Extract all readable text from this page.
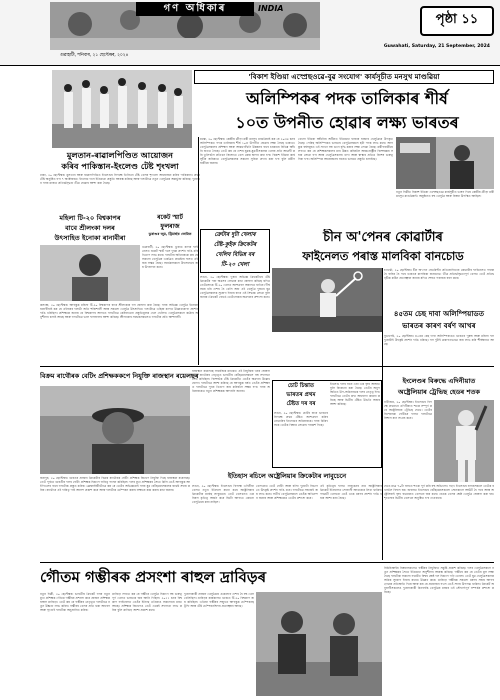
গণ অধিকাৰ	INDIA
গুৱাহাটী, শনিবাৰ, ২১ ছেপ্টেম্বৰ, ২০২৪
Guwahati, Saturday, 21 September, 2024
পৃষ্ঠা ১১
'বিকাশ ইণ্ডিয়া এস্প্ৰেছওৱে-বুৱ সংযোগ' কাৰ্যসূচীত মনসুখ মাণ্ডৱিয়া
অলিম্পিকৰ পদক তালিকাৰ শীৰ্ষ
১০ত উপনীত হোৱাৰ লক্ষ্য ভাৰতৰ
মুলতান-ৰাৱালপিণ্ডিত আয়োজন
কৰিব পাকিস্তান-ইংলেণ্ড টেষ্ট শৃংখলা
ঢাকা, ২০ ছেপ্টেম্বৰ। মুলতান আৰু ৰাৱালপিণ্ডিত ইংলেণ্ডৰ বিপক্ষে তিনিখন টেষ্ট খেলৰ শৃংখলা আয়োজন কৰিব পাকিস্তান। প্ৰথম টেষ্ট অনুষ্ঠিত হ'ব ৭ অক্টোবৰত। ইংলেণ্ড দলে ইতিমধ্যে প্ৰস্তুতি আৰম্ভ কৰিছে আৰু দলটোৱে নতুন খেলুৱৈক অন্তৰ্ভুক্ত কৰিছে। দুয়োখন দলৰ মাজত প্ৰতিদ্বন্দ্বিতা তীব্ৰ হোৱাৰ আশা কৰা হৈছে।
মস্কো, ২০ ছেপ্টেম্বৰ। কেন্দ্ৰীয় ক্ৰীড়া মন্ত্ৰী মনসুখ মাণ্ডৱিয়াই কয় যে ২০৩৬ চনৰ অলিম্পিকত পদক তালিকাৰ শীৰ্ষ ১০ত উপনীত হোৱাৰ লক্ষ্য লৈছে ভাৰতে। খেলুৱৈসকলৰ প্ৰশিক্ষণ আৰু আন্তঃগাঁথনি উন্নয়নৰ বাবে চৰকাৰে বিভিন্ন আঁচনি হাতত লৈছে। তেওঁ কয় যে দেশৰ যুৱক-যুৱতীসকলক খেলৰ প্ৰতি আগ্ৰহী কৰি তুলিবলৈ প্ৰতিখন জিলাতে খেল কেন্দ্ৰ স্থাপন কৰা হ'ব। বিকাশ ইণ্ডিয়া কাৰ্যসূচীৰ জৰিয়তে খেলুৱৈসকলক সকলো সুবিধা প্ৰদান কৰা হ'ব বুলি মন্ত্ৰীগৰাকীয়ে জনায়।
খেলো ইণ্ডিয়া আঁচনিৰ অধীনত ইতিমধ্যে হাজাৰ হাজাৰ খেলুৱৈয়ে উপকৃত হৈছে। পেৰিছ অলিম্পিকত ভাৰতৰ খেলুৱৈসকলে ছটা পদক লাভ কৰে। আগন্তুক বৰ্ষসমূহত এই সংখ্যা বহু গুণে বৃদ্ধি কৰাৰ লক্ষ্য লোৱা হৈছে। মন্ত্ৰীগৰাকীয়ে লগতে কয় যে প্ৰশিক্ষকসকলৰ মান উন্নত কৰিবলৈ আন্তঃৰাষ্ট্ৰীয় বিশেষজ্ঞৰ সহায় লোৱা হ'ব আৰু খেলুৱৈসকলৰ খাদ্য আৰু স্বাস্থ্যৰ প্ৰতিও বিশেষ গুৰুত্ব দিয়া হ'ব। অলিম্পিক আয়োজনৰ বাবেও ভাৰতে প্ৰস্তুতি চলাইছে।
নতুন দিল্লীত বিকাশ ইণ্ডিয়া এস্প্ৰেছওৱে কাৰ্যসূচীত ভাষণ দিয়ে কেন্দ্ৰীয় ক্ৰীড়া মন্ত্ৰী মনসুখ মাণ্ডৱিয়াই। অনুষ্ঠানত বহু খেলুৱৈ আৰু বিষয়া উপস্থিত আছিল।
মহিলা টি-২০ বিশ্বকাপৰ
বাবে শ্ৰীলংকা দলৰ
উৎসাহিত ইনোকা ৰানাবীৰা
ৰকেট স্মাৰ্ট
ফুলৰাজ
ডুৰাণ্ডৰ জুম, ট্ৰিমাৰ্ছক জেমিত
গুৱাহাটী, ২০ ছেপ্টেম্বৰ। ডুৰাণ্ড কাপৰ ফাইনেলত ৰকেট স্মাৰ্ট দলে দুৰন্ত প্ৰদৰ্শন দাঙি ধৰি খিতাপ লাভ কৰে। দলটোৰ অধিনায়কে কয় যে সকলো খেলুৱৈৰ একত্ৰিত প্ৰচেষ্টাৰ ফলত এই জয় সম্ভৱ হৈছে। সমৰ্থকসকলে উৎসাহেৰে জয় উদযাপন কৰে।
ক্ৰেটাৰ দুটা খেলাৰ
টেষ্ট-কুইক ক্ৰিকেটৰ
খেলিব বিভিন্ন বৰ
টি-২০ খেলা
চীন অ'পেনৰ কোৱাৰ্টাৰ
ফাইনেলত পৰাস্ত মালবিকা বানচোড
লণ্ডন, ২০ ছেপ্টেম্বৰ। দুজন অভিজ্ঞ ক্ৰিকেটাৰে টেষ্ট ক্ৰিকেটৰ পৰা অৱসৰ লোৱাৰ কথা ঘোষণা কৰিছে যদিও তেওঁলোকে টি-২০ খেলত অংশগ্ৰহণ অব্যাহত ৰাখিব। দীৰ্ঘ সময় ধৰি দেশৰ হৈ খেলি অহা এই খেলুৱৈ দুজনে যুৱ খেলুৱৈসকলক সুযোগ দিয়াৰ বাবে এই সিদ্ধান্ত লোৱা বুলি জনায়। ক্ৰিকেট বোৰ্ডে তেওঁলোকৰ অৱদানৰ প্ৰশংসা কৰে।
চাংঝৌ, ২০ ছেপ্টেম্বৰ। চীন অ'পেন বেডমিণ্টন প্ৰতিযোগিতাৰ কোৱাৰ্টাৰ ফাইনেলত পৰাস্ত হৈ বাহিৰ হৈ পৰে ভাৰতৰ মালবিকা বানচোড। তীব্ৰ প্ৰতিদ্বন্দ্বিতাপূৰ্ণ খেলত তেওঁ প্ৰতিদ্বন্দ্বীক কঠিন প্ৰত্যাহ্বান জনায় যদিও শেষত পৰাজয় বৰণ কৰে।
৪৫তম চেছ দাবা অলিম্পিয়াডত
ভাৰতৰ কাৰণ বৰ্ষণ আখৰ
বুডাপেষ্ট, ২০ ছেপ্টেম্বৰ। ৪৫তম চেছ দাবা অলিম্পিয়াডত ভাৰতৰ পুৰুষ আৰু মহিলা দল দুয়োটাই উৎকৃষ্ট প্ৰদৰ্শন দাঙি ধৰিছে। দল দুটাই ক্ৰমাগতভাৱে জয় লাভ কৰি শীৰ্ষস্থানত আছে।
কলম্বো, ২০ ছেপ্টেম্বৰ। আগন্তুক মহিলা টি-২০ বিশ্বকাপৰ বাবে শ্ৰীলংকাৰ দল ঘোষণা কৰা হৈছে। দলৰ অভিজ্ঞ খেলুৱৈ ইনোকা ৰানাবীৰাই কয় যে এইবাৰৰ দলটো অতি শক্তিশালী আৰু সকলো খেলুৱৈ উৎসাহিত। দলটোৱে এছিয়া কাপত উল্লেখযোগ্য প্ৰদৰ্শন দাঙি ধৰিছিল। প্ৰশিক্ষকে জনায় যে বিশ্বকাপৰ আগতে দলটোৱে কেইবাখনো প্ৰস্তুতিমূলক খেল খেলিব। খেলুৱৈসকলে কঠোৰ অনুশীলন চলাই আছে আৰু দলটোৱে ভাল ফলাফলৰ আশা কৰিছে। শ্ৰীলংকাৰ সমৰ্থকসকলেও দলটোৰ প্ৰতি আশাবাদী।
বিক্ৰম ৰাথৌৰক বেটিং প্ৰশিক্ষককপে নিযুক্তি ৰাজস্থান ৰয়েলছৰ
জয়পুৰ, ২০ ছেপ্টেম্বৰ। ভাৰতৰ প্ৰাক্তন ক্ৰিকেটাৰ বিক্ৰম ৰাথৌৰক বেটিং প্ৰশিক্ষক হিচাপে নিযুক্তি দিছে ৰাজস্থান ৰয়েলছে। তেওঁ পূৰ্বতে ভাৰতীয় দলৰ বেটিং প্ৰশিক্ষক হিচাপে দায়িত্ব পালন কৰিছিল। দলৰ মুখ্য প্ৰশিক্ষকৰ সৈতে মিলি তেওঁ আগন্তুক আইপিএলৰ বাবে দলটোক প্ৰস্তুত কৰিব। ফ্ৰেঞ্চাইজীটোৱে কয় যে তেওঁৰ অভিজ্ঞতাই দলৰ যুৱ বেটছমেনসকলক যথেষ্ট সহায় কৰিব। ৰাথৌৰে এই দায়িত্ব পাই আনন্দ প্ৰকাশ কৰে আৰু দলটোক চেম্পিয়ন কৰাৰ লক্ষ্যৰে কাম কৰাৰ কথা জনায়।
ৰাজস্থান ৰয়েলছে সামাজিক মাধ্যমত এই নিযুক্তিৰ খবৰ ঘোষণা কৰে। ৰাথৌৰৰ নেতৃত্বত ভাৰতীয় বেটছমেনসকলে বহু সফলতা লাভ কৰিছিল। বিশেষকৈ টেষ্ট ক্ৰিকেটত তেওঁৰ অৱদান উল্লেখযোগ্য। দলটোৱে আশা কৰিছে যে আগন্তুক বৰ্ষত তেওঁৰ প্ৰশিক্ষণত দলটোৱে পুনৰ খিতাপ জয় কৰিবলৈ সক্ষম হ'ব। দলৰ অধিনায়কেও নতুন প্ৰশিক্ষকক আদৰণি জনায়।
ইতিহাস ৰচিলে অষ্ট্ৰেলিয়াৰ ক্ৰিকেটাৰ লাবুচেনে
লণ্ডন, ২০ ছেপ্টেম্বৰ। ইংলেণ্ডৰ বিপক্ষে এদিনীয়া খেলত নতুন ইতিহাস ৰচনা কৰে অষ্ট্ৰেলিয়াৰ ক্ৰিকেটাৰ মাৰ্নাছ লাবুচেনে। তেওঁ খেলখনত এক বিৰল কৃতিত্ব অৰ্জন কৰে যিটো আগতে কোনো খেলুৱৈয়ে কৰা নাছিল।
খেলখনত তেওঁ বেটিং আৰু বলিং দুয়োটা বিভাগতে উৎকৃষ্ট প্ৰদৰ্শন দাঙি ধৰে। দলটোৱে সহজেই জয় লাভ কৰে। সতীৰ্থ খেলুৱৈসকলে তেওঁক অভিনন্দন জনায় আৰু প্ৰশিক্ষকেও তেওঁৰ প্ৰশংসা কৰে।
এই কৃতিত্বৰ ফলত লাবুচেনৰ নাম অষ্ট্ৰেলিয়াৰ ক্ৰিকেট ইতিহাসত সোণালী আখৰেৰে লিখা থাকিব। পৰৱৰ্তী খেলতো তেওঁ একে ধৰণৰ প্ৰদৰ্শন দাঙি ধৰাৰ আশা কৰা হৈছে।
চোট চিন্তাত
ভাৰতৰ প্ৰথম
টেষ্টত দৰ বৰ
লণ্ডন, ২০ ছেপ্টেম্বৰ। চোটৰ বাবে ভাৰতৰ বিপক্ষে প্ৰথম টেষ্টত অংশগ্ৰহণ কৰিব নোৱাৰিব ইংলেণ্ডৰ অধিনায়কে। দলৰ চিকিৎসকে তেওঁক বিশ্ৰাম লোৱাৰ পৰামৰ্শ দিছে।
ইংলেণ্ড দলৰ বাবে এয়া এক বৃহৎ আঘাত বুলি বিবেচনা কৰা হৈছে। তেওঁৰ অনুপস্থিতিত উপ-অধিনায়কে দলৰ নেতৃত্ব দিব। দলটোৱে তেওঁৰ দ্ৰুত আৰোগ্য কামনা কৰিছে আৰু দ্বিতীয় টেষ্টত উভতি অহাৰ আশা কৰিছে।
ইংলেণ্ডৰ বিৰুদ্ধে এদিনীয়াত
অষ্ট্ৰেলিয়াৰ ট্ৰেভিছ হেডৰ শতক
নটিংহাম, ২০ ছেপ্টেম্বৰ। ইংলেণ্ডৰ বিপক্ষে প্ৰথমখন এদিনীয়াত শতক সম্পূৰ্ণ কৰে অষ্ট্ৰেলিয়াৰ ট্ৰেভিছ হেডে। তেওঁৰ বিস্ফোৰক বেটিঙৰ ফলত দলটোৱে বিশাল ৰান সংগ্ৰহ কৰে।
হেডে মাত্ৰ ৭০টা বলতে শতক পূৰ্ণ কৰি বহু অভিলেখ গঢ়ে। ইংলেণ্ডৰ বলাৰসকলে তেওঁক ৰখাবলৈ বিফল হয়। জবাবত ইংলেণ্ডৰ বেটছমেনসকলো সোনকালে আউট হৈ পৰে আৰু অষ্ট্ৰেলিয়াই বৃহৎ ব্যৱধানত খেলখন জয় কৰে। হেডক খেলৰ শ্ৰেষ্ঠ খেলুৱৈ ঘোষণা কৰা হয়। শৃংখলাৰ দ্বিতীয় খেলখন অনুষ্ঠিত হ'ব দেওবাৰে।
গৌতম গম্ভীৰক প্ৰসংশা ৰাহুল দ্ৰাবিড়ৰ
নতুন দিল্লী, ২০ ছেপ্টেম্বৰ। ভাৰতীয় ক্ৰিকেট দলৰ নতুন মুখ্য প্ৰশিক্ষক গৌতম গম্ভীৰৰ প্ৰশংসা কৰে প্ৰাক্তন প্ৰশিক্ষক ৰাহুল দ্ৰাবিড়ে। তেওঁ কয় যে গম্ভীৰৰ নেতৃত্বত দলটোৱে নতুন উচ্চতা লাভ কৰিব। গম্ভীৰৰ খেলৰ প্ৰতি থকা আবেগ আৰু দৃঢ়তাই দলটোক অনুপ্ৰাণিত কৰিব।
দ্ৰাবিড়ে লগতে কয় যে গম্ভীৰে খেলুৱৈ হিচাপে বহু গুৰুত্বপূৰ্ণ খেলত ভাৰতক জয় আনি দিছিল। ২০১১ চনৰ বিশ্বকাপ ফাইনেলত তেওঁৰ ইনিংছ এতিয়াও সকলোৰে মনত আছে। প্ৰশিক্ষক হিচাপেও তেওঁ একেই সফলতা লাভ কৰিব বুলি দ্ৰাবিড়ে আশা প্ৰকাশ কৰে।
দুয়োগৰাকী প্ৰাক্তন খেলুৱৈয়ে একেলগে দেশৰ হৈ বহু খেল খেলিছিল। দ্ৰাবিড়ৰ কাৰ্যকালত ভাৰতে টি-২০ বিশ্বকাপ জয় কৰিছিল। এতিয়া গম্ভীৰৰ সন্মুখত আগন্তুক চেম্পিয়নছ ট্ৰফি আৰু টেষ্ট চেম্পিয়নশ্বিপৰ প্ৰত্যাহ্বান আছে।
বিচিচিআইৰ বিষয়াসকলেও গম্ভীৰৰ নিযুক্তিত সন্তুষ্টি প্ৰকাশ কৰিছে। দলৰ খেলুৱৈসকলে নতুন প্ৰশিক্ষকৰ সৈতে ইতিমধ্যে অনুশীলন আৰম্ভ কৰিছে। গম্ভীৰে কয় যে তেওঁৰ মূল লক্ষ্য হৈছে দলটোক সকলো ফৰ্মেটত বিশ্বৰ শ্ৰেষ্ঠ দল হিচাপে গঢ়ি তোলা। তেওঁ যুৱ খেলুৱৈসকলক অধিক সুযোগ দিয়াৰ কথাও উল্লেখ কৰে। দ্ৰাবিড়ে গম্ভীৰক সকলো ধৰণৰ সহায় আগবঢ়োৱাৰ প্ৰতিশ্ৰুতি দিয়ে আৰু কয় যে প্ৰয়োজন হ'লে তেওঁ সদায় উপলব্ধ থাকিব। ক্ৰিকেট অনুৰাগীসকলেও দুয়োগৰাকী কিংবদন্তি খেলুৱৈৰ মাজৰ এই সৌহাৰ্দ্যপূৰ্ণ সম্পৰ্কৰ প্ৰশংসা কৰিছে।
